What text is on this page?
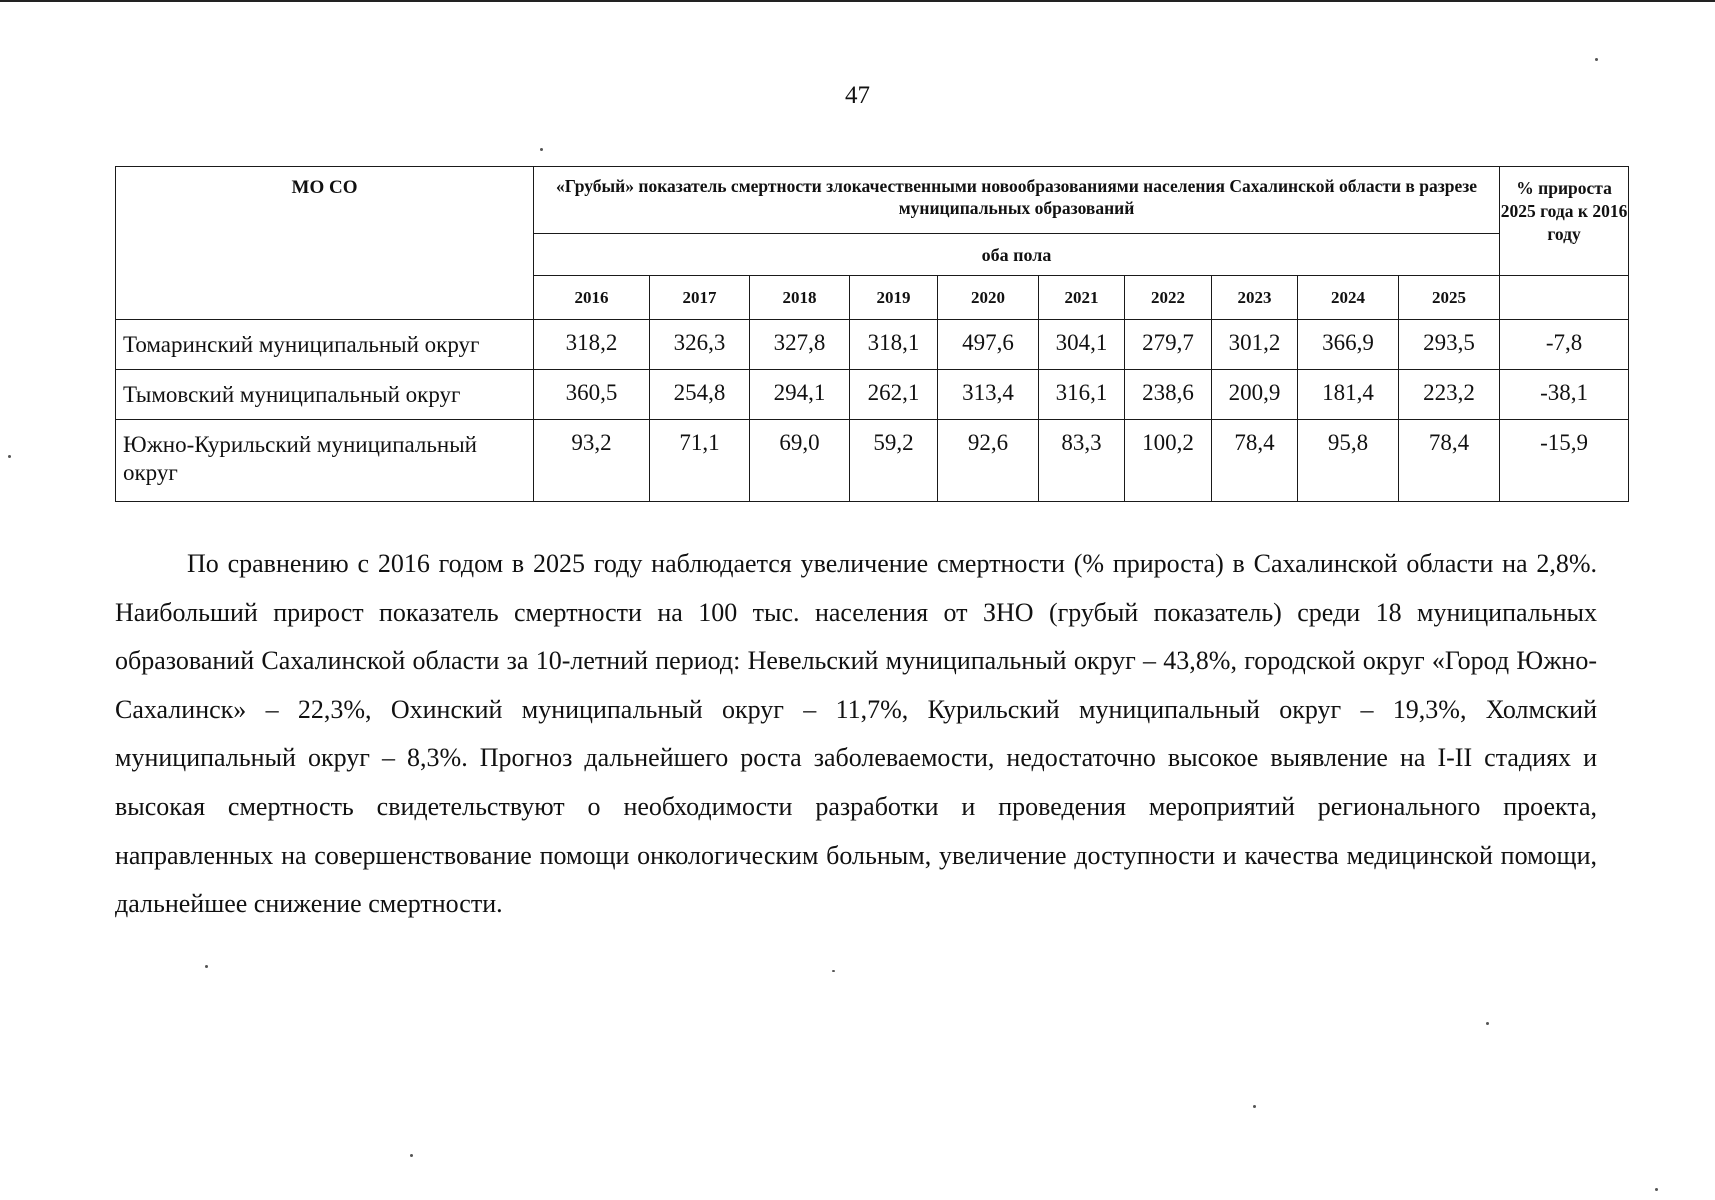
47
МО СО	«Грубый» показатель смертности злокачественными новообразованиями населения Сахалинской области в разрезе муниципальных образований										% прироста 2025 года к 2016 году
	оба пола										
	2016	2017	2018	2019	2020	2021	2022	2023	2024	2025	
Томаринский муниципальный округ	318,2	326,3	327,8	318,1	497,6	304,1	279,7	301,2	366,9	293,5	-7,8
Тымовский муниципальный округ	360,5	254,8	294,1	262,1	313,4	316,1	238,6	200,9	181,4	223,2	-38,1
Южно-Курильский муниципальный округ	93,2	71,1	69,0	59,2	92,6	83,3	100,2	78,4	95,8	78,4	-15,9

По сравнению с 2016 годом в 2025 году наблюдается увеличение смертности (% прироста) в Сахалинской области на 2,8%. Наибольший прирост показатель смертности на 100 тыс. населения от ЗНО (грубый показатель) среди 18 муниципальных образований Сахалинской области за 10-летний период: Невельский муниципальный округ – 43,8%, городской округ «Город Южно-Сахалинск» – 22,3%, Охинский муниципальный округ – 11,7%, Курильский муниципальный округ – 19,3%, Холмский муниципальный округ – 8,3%. Прогноз дальнейшего роста заболеваемости, недостаточно высокое выявление на I-II стадиях и высокая смертность свидетельствуют о необходимости разработки и проведения мероприятий регионального проекта, направленных на совершенствование помощи онкологическим больным, увеличение доступности и качества медицинской помощи, дальнейшее снижение смертности.
